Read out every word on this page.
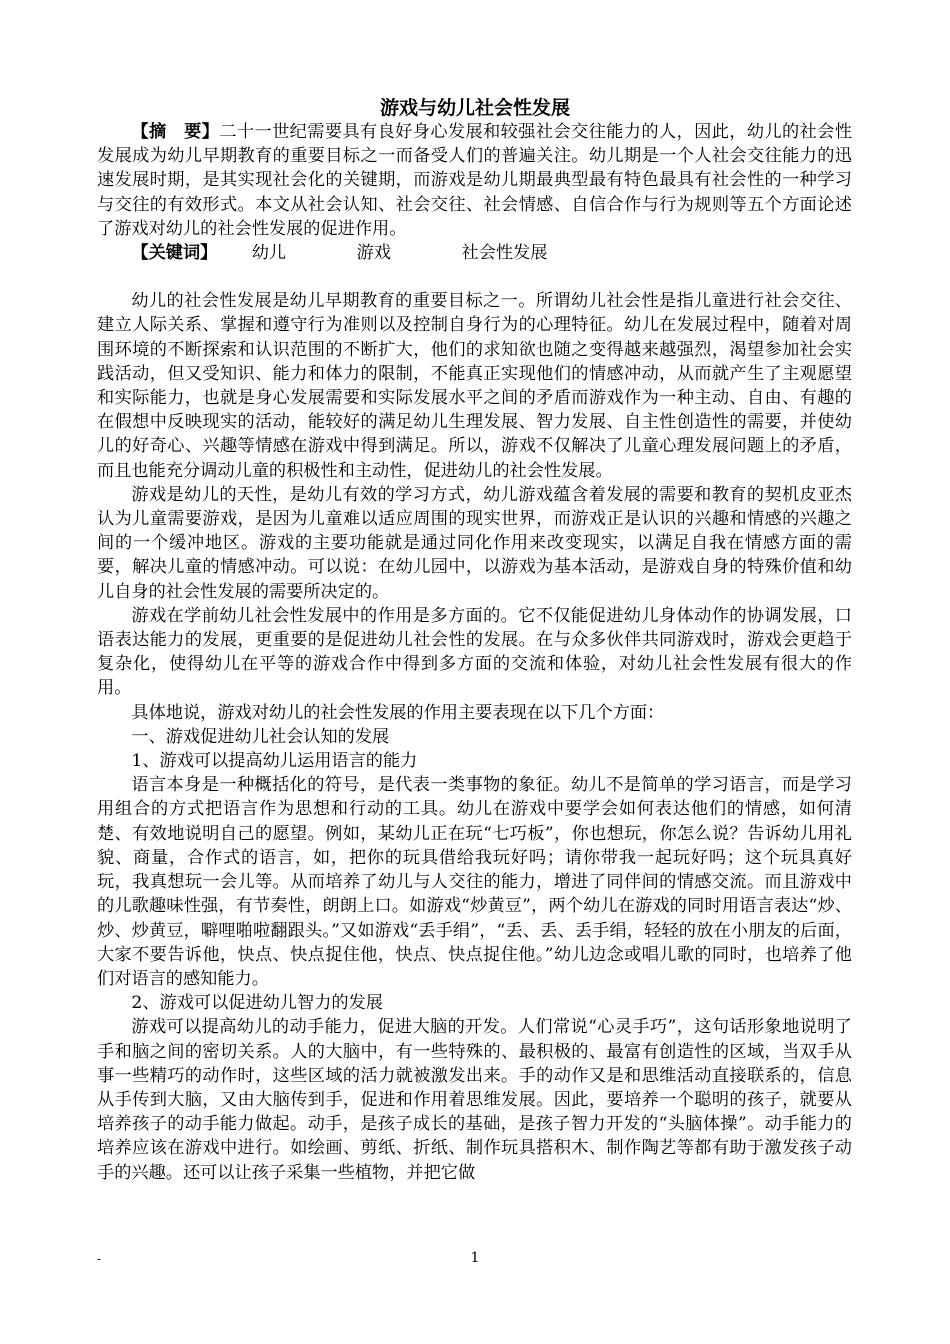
游戏与幼儿社会性发展

【摘　要】二十一世纪需要具有良好身心发展和较强社会交往能力的人，因此，幼儿的社会性发展成为幼儿早期教育的重要目标之一而备受人们的普遍关注。幼儿期是一个人社会交往能力的迅速发展时期，是其实现社会化的关键期，而游戏是幼儿期最典型最有特色最具有社会性的一种学习与交往的有效形式。本文从社会认知、社会交往、社会情感、自信合作与行为规则等五个方面论述了游戏对幼儿的社会性发展的促进作用。

【关键词】 幼儿	游戏	社会性发展

幼儿的社会性发展是幼儿早期教育的重要目标之一。所谓幼儿社会性是指儿童进行社会交往、建立人际关系、掌握和遵守行为准则以及控制自身行为的心理特征。幼儿在发展过程中，随着对周围环境的不断探索和认识范围的不断扩大，他们的求知欲也随之变得越来越强烈，渴望参加社会实践活动，但又受知识、能力和体力的限制，不能真正实现他们的情感冲动，从而就产生了主观愿望和实际能力，也就是身心发展需要和实际发展水平之间的矛盾而游戏作为一种主动、自由、有趣的在假想中反映现实的活动，能较好的满足幼儿生理发展、智力发展、自主性创造性的需要，并使幼儿的好奇心、兴趣等情感在游戏中得到满足。所以，游戏不仅解决了儿童心理发展问题上的矛盾，而且也能充分调动儿童的积极性和主动性，促进幼儿的社会性发展。

游戏是幼儿的天性，是幼儿有效的学习方式，幼儿游戏蕴含着发展的需要和教育的契机皮亚杰认为儿童需要游戏，是因为儿童难以适应周围的现实世界，而游戏正是认识的兴趣和情感的兴趣之间的一个缓冲地区。游戏的主要功能就是通过同化作用来改变现实，以满足自我在情感方面的需要，解决儿童的情感冲动。可以说：在幼儿园中，以游戏为基本活动，是游戏自身的特殊价值和幼儿自身的社会性发展的需要所决定的。

游戏在学前幼儿社会性发展中的作用是多方面的。它不仅能促进幼儿身体动作的协调发展，口语表达能力的发展，更重要的是促进幼儿社会性的发展。在与众多伙伴共同游戏时，游戏会更趋于复杂化，使得幼儿在平等的游戏合作中得到多方面的交流和体验，对幼儿社会性发展有很大的作用。

具体地说，游戏对幼儿的社会性发展的作用主要表现在以下几个方面：

一、游戏促进幼儿社会认知的发展

1、游戏可以提高幼儿运用语言的能力

语言本身是一种概括化的符号，是代表一类事物的象征。幼儿不是简单的学习语言，而是学习用组合的方式把语言作为思想和行动的工具。幼儿在游戏中要学会如何表达他们的情感，如何清楚、有效地说明自己的愿望。例如，某幼儿正在玩“七巧板”，你也想玩，你怎么说？告诉幼儿用礼貌、商量，合作式的语言，如，把你的玩具借给我玩好吗；请你带我一起玩好吗；这个玩具真好玩，我真想玩一会儿等。从而培养了幼儿与人交往的能力，增进了同伴间的情感交流。而且游戏中的儿歌趣味性强，有节奏性，朗朗上口。如游戏“炒黄豆”，两个幼儿在游戏的同时用语言表达“炒、炒、炒黄豆，噼哩啪啦翻跟头。”又如游戏“丢手绢”，“丢、丢、丢手绢，轻轻的放在小朋友的后面，大家不要告诉他，快点、快点捉住他，快点、快点捉住他。”幼儿边念或唱儿歌的同时，也培养了他们对语言的感知能力。

2、游戏可以促进幼儿智力的发展

游戏可以提高幼儿的动手能力，促进大脑的开发。人们常说“心灵手巧”，这句话形象地说明了手和脑之间的密切关系。人的大脑中，有一些特殊的、最积极的、最富有创造性的区域，当双手从事一些精巧的动作时，这些区域的活力就被激发出来。手的动作又是和思维活动直接联系的，信息从手传到大脑，又由大脑传到手，促进和作用着思维发展。因此，要培养一个聪明的孩子，就要从培养孩子的动手能力做起。动手，是孩子成长的基础，是孩子智力开发的“头脑体操”。动手能力的培养应该在游戏中进行。如绘画、剪纸、折纸、制作玩具搭积木、制作陶艺等都有助于激发孩子动手的兴趣。还可以让孩子采集一些植物，并把它做

-	1
